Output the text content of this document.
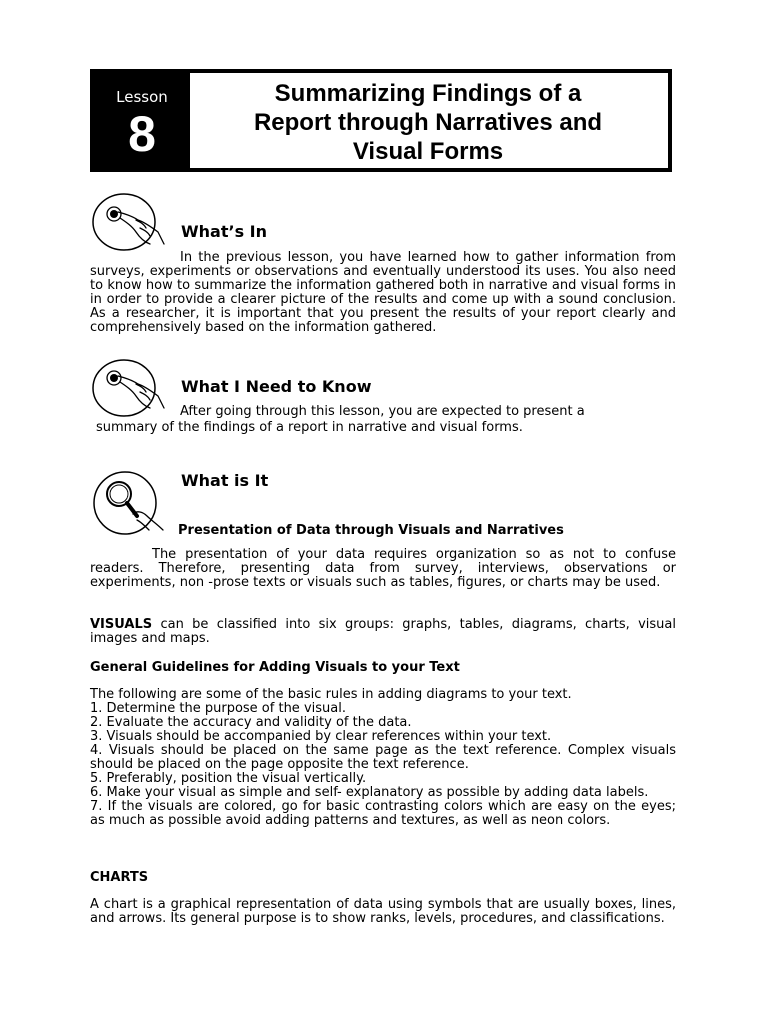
Lesson
8
Summarizing Findings of a
Report through Narratives and
Visual Forms
What’s In
In the previous lesson, you have learned how to gather information from surveys, experiments or observations and eventually understood its uses. You also need to know how to summarize the information gathered both in narrative and visual forms in in order to provide a clearer picture of the results and come up with a sound conclusion. As a researcher, it is important that you present the results of your report clearly and comprehensively based on the information gathered.
What I Need to Know
After going through this lesson, you are expected to present a
summary of the findings of a report in narrative and visual forms.
What is It
Presentation of Data through Visuals and Narratives
The presentation of your data requires organization so as not to confuse readers. Therefore, presenting data from survey, interviews, observations or experiments, non -prose texts or visuals such as tables, figures, or charts may be used.
VISUALS can be classified into six groups: graphs, tables, diagrams, charts, visual images and maps.
General Guidelines for Adding Visuals to your Text
The following are some of the basic rules in adding diagrams to your text.
1. Determine the purpose of the visual.
2. Evaluate the accuracy and validity of the data.
3. Visuals should be accompanied by clear references within your text.
4. Visuals should be placed on the same page as the text reference. Complex visuals should be placed on the page opposite the text reference.
5. Preferably, position the visual vertically.
6. Make your visual as simple and self- explanatory as possible by adding data labels.
7. If the visuals are colored, go for basic contrasting colors which are easy on the eyes; as much as possible avoid adding patterns and textures, as well as neon colors.
CHARTS
A chart is a graphical representation of data using symbols that are usually boxes, lines, and arrows. Its general purpose is to show ranks, levels, procedures, and classifications.
